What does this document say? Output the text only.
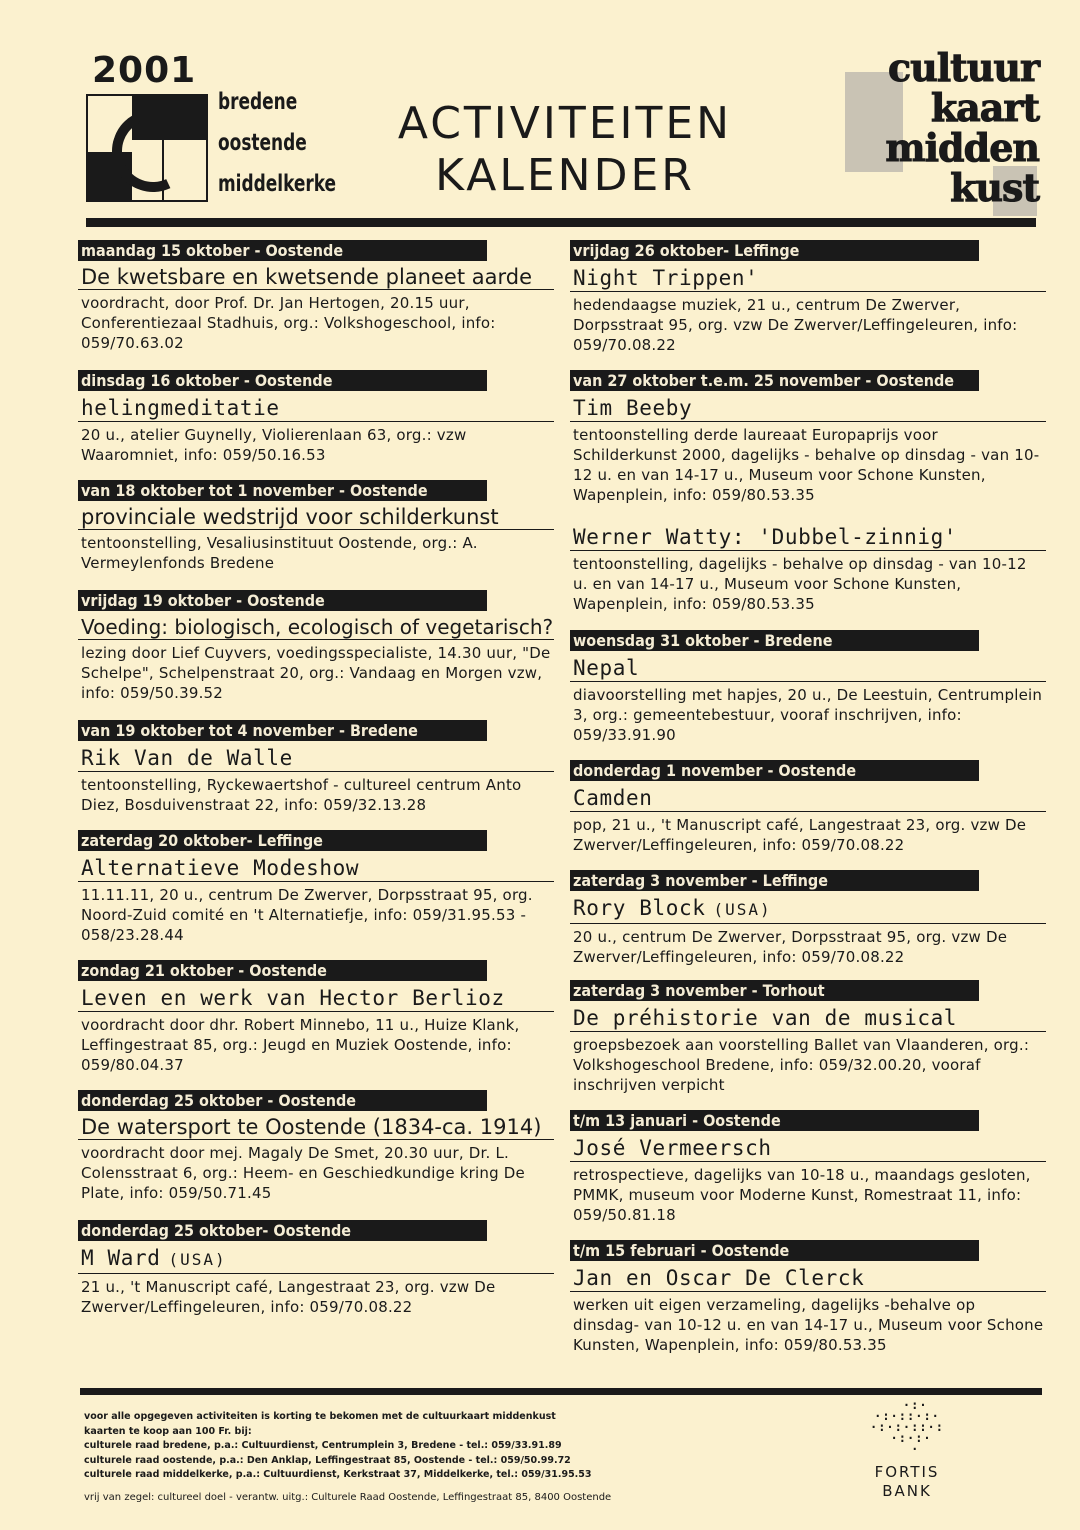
2001
bredene
oostende
middelkerke
ACTIVITEITEN
KALENDER
cultuur
kaart
midden
kust
maandag 15 oktober - Oostende
De kwetsbare en kwetsende planeet aarde
voordracht, door Prof. Dr. Jan Hertogen, 20.15 uur, Conferentiezaal Stadhuis, org.: Volkshogeschool, info: 059/70.63.02
dinsdag 16 oktober - Oostende
helingmeditatie
20 u., atelier Guynelly, Violierenlaan 63, org.: vzw Waaromniet, info: 059/50.16.53
van 18 oktober tot 1 november - Oostende
provinciale wedstrijd voor schilderkunst
tentoonstelling, Vesaliusinstituut Oostende, org.: A. Vermeylenfonds Bredene
vrijdag 19 oktober - Oostende
Voeding: biologisch, ecologisch of vegetarisch?
lezing door Lief Cuyvers, voedingsspecialiste, 14.30 uur, "De Schelpe", Schelpenstraat 20, org.: Vandaag en Morgen vzw, info: 059/50.39.52
van 19 oktober tot 4 november - Bredene
Rik Van de Walle
tentoonstelling, Ryckewaertshof - cultureel centrum Anto Diez, Bosduivenstraat 22, info: 059/32.13.28
zaterdag 20 oktober- Leffinge
Alternatieve Modeshow
11.11.11, 20 u., centrum De Zwerver, Dorpsstraat 95, org. Noord-Zuid comité en 't Alternatiefje, info: 059/31.95.53 - 058/23.28.44
zondag 21 oktober - Oostende
Leven en werk van Hector Berlioz
voordracht door dhr. Robert Minnebo, 11 u., Huize Klank, Leffingestraat 85, org.: Jeugd en Muziek Oostende, info: 059/80.04.37
donderdag 25 oktober - Oostende
De watersport te Oostende (1834-ca. 1914)
voordracht door mej. Magaly De Smet, 20.30 uur, Dr. L. Colensstraat 6, org.: Heem- en Geschiedkundige kring De Plate, info: 059/50.71.45
donderdag 25 oktober- Oostende
M Ward (USA)
21 u., 't Manuscript café, Langestraat 23, org. vzw De Zwerver/Leffingeleuren, info: 059/70.08.22
vrijdag 26 oktober- Leffinge
Night Trippen'
hedendaagse muziek, 21 u., centrum De Zwerver, Dorpsstraat 95, org. vzw De Zwerver/Leffingeleuren, info: 059/70.08.22
van 27 oktober t.e.m. 25 november - Oostende
Tim Beeby
tentoonstelling derde laureaat Europaprijs voor Schilderkunst 2000, dagelijks - behalve op dinsdag - van 10-12 u. en van 14-17 u., Museum voor Schone Kunsten, Wapenplein, info: 059/80.53.35
Werner Watty: 'Dubbel-zinnig'
tentoonstelling, dagelijks - behalve op dinsdag - van 10-12 u. en van 14-17 u., Museum voor Schone Kunsten, Wapenplein, info: 059/80.53.35
woensdag 31 oktober - Bredene
Nepal
diavoorstelling met hapjes, 20 u., De Leestuin, Centrumplein 3, org.: gemeentebestuur, vooraf inschrijven, info: 059/33.91.90
donderdag 1 november - Oostende
Camden
pop, 21 u., 't Manuscript café, Langestraat 23, org. vzw De Zwerver/Leffingeleuren, info: 059/70.08.22
zaterdag 3 november - Leffinge
Rory Block (USA)
20 u., centrum De Zwerver, Dorpsstraat 95, org. vzw De Zwerver/Leffingeleuren, info: 059/70.08.22
zaterdag 3 november - Torhout
De préhistorie van de musical
groepsbezoek aan voorstelling Ballet van Vlaanderen, org.: Volkshogeschool Bredene, info: 059/32.00.20, vooraf inschrijven verpicht
t/m 13 januari - Oostende
José Vermeersch
retrospectieve, dagelijks van 10-18 u., maandags gesloten, PMMK, museum voor Moderne Kunst, Romestraat 11, info: 059/50.81.18
t/m 15 februari - Oostende
Jan en Oscar De Clerck
werken uit eigen verzameling, dagelijks -behalve op dinsdag- van 10-12 u. en van 14-17 u., Museum voor Schone Kunsten, Wapenplein, info: 059/80.53.35
voor alle opgegeven activiteiten is korting te bekomen met de cultuurkaart middenkust
kaarten te koop aan 100 Fr. bij:
culturele raad bredene, p.a.: Cultuurdienst, Centrumplein 3, Bredene - tel.: 059/33.91.89
culturele raad oostende, p.a.: Den Anklap, Leffingestraat 85, Oostende - tel.: 059/50.99.72
culturele raad middelkerke, p.a.: Cultuurdienst, Kerkstraat 37, Middelkerke, tel.: 059/31.95.53
vrij van zegel: cultureel doel - verantw. uitg.: Culturele Raad Oostende, Leffingestraat 85, 8400 Oostende
·:·
·:·::·:·
·:·:·::·:
·:·:·
·
FORTIS
BANK
